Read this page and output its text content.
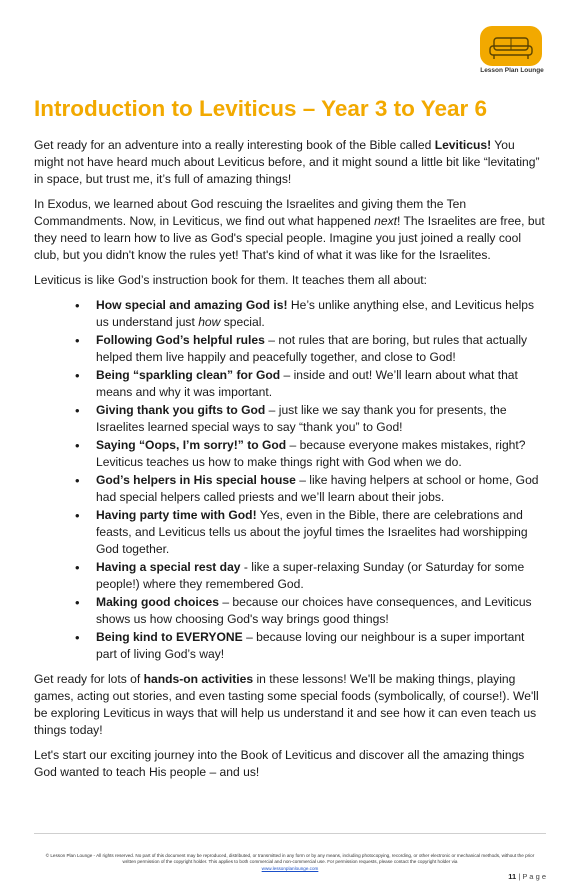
Lesson Plan Lounge
Introduction to Leviticus – Year 3 to Year 6

Get ready for an adventure into a really interesting book of the Bible called Leviticus! You might not have heard much about Leviticus before, and it might sound a little bit like “levitating” in space, but trust me, it’s full of amazing things!

In Exodus, we learned about God rescuing the Israelites and giving them the Ten Commandments. Now, in Leviticus, we find out what happened next! The Israelites are free, but they need to learn how to live as God's special people. Imagine you just joined a really cool club, but you didn't know the rules yet! That's kind of what it was like for the Israelites.

Leviticus is like God’s instruction book for them. It teaches them all about:

• How special and amazing God is! He’s unlike anything else, and Leviticus helps us understand just how special.
• Following God’s helpful rules – not rules that are boring, but rules that actually helped them live happily and peacefully together, and close to God!
• Being “sparkling clean” for God – inside and out! We’ll learn about what that means and why it was important.
• Giving thank you gifts to God – just like we say thank you for presents, the Israelites learned special ways to say “thank you” to God!
• Saying “Oops, I’m sorry!” to God – because everyone makes mistakes, right? Leviticus teaches us how to make things right with God when we do.
• God’s helpers in His special house – like having helpers at school or home, God had special helpers called priests and we’ll learn about their jobs.
• Having party time with God! Yes, even in the Bible, there are celebrations and feasts, and Leviticus tells us about the joyful times the Israelites had worshipping God together.
• Having a special rest day - like a super-relaxing Sunday (or Saturday for some people!) where they remembered God.
• Making good choices – because our choices have consequences, and Leviticus shows us how choosing God's way brings good things!
• Being kind to EVERYONE – because loving our neighbour is a super important part of living God’s way!

Get ready for lots of hands-on activities in these lessons! We'll be making things, playing games, acting out stories, and even tasting some special foods (symbolically, of course!). We'll be exploring Leviticus in ways that will help us understand it and see how it can even teach us things today!

Let's start our exciting journey into the Book of Leviticus and discover all the amazing things God wanted to teach His people – and us!

© Lesson Plan Lounge - All rights reserved. No part of this document may be reproduced, distributed, or transmitted in any form or by any means, including photocopying, recording, or other electronic or mechanical methods, without the prior written permission of the copyright holder. This applies to both commercial and non-commercial use. For permission requests, please contact the copyright holder via
www.lessonplanlounge.com
11 | P a g e
